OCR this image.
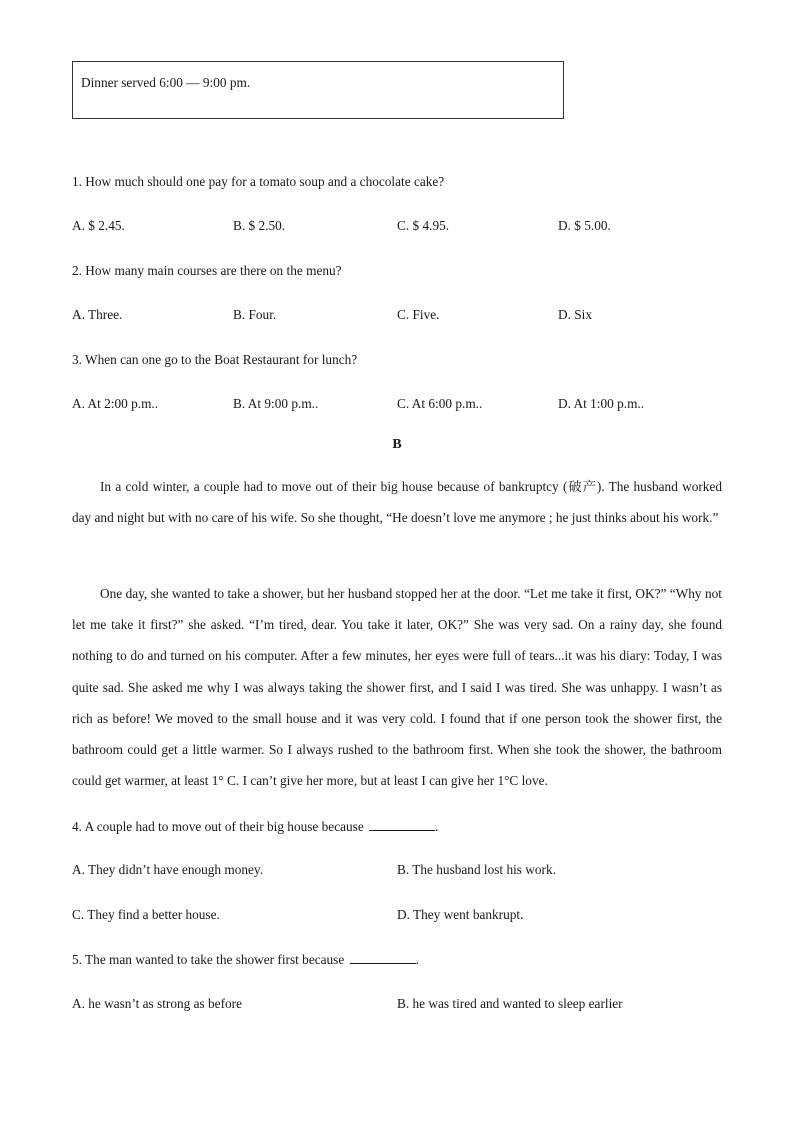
Dinner served 6:00 — 9:00 pm.
1. How much should one pay for a tomato soup and a chocolate cake?
A. $ 2.45.	B. $ 2.50.	C. $ 4.95.	D. $ 5.00.
2. How many main courses are there on the menu?
A. Three.	B. Four.	C. Five.	D. Six
3. When can one go to the Boat Restaurant for lunch?
A. At 2:00 p.m..	B. At 9:00 p.m..	C. At 6:00 p.m..	D. At 1:00 p.m..
B

In a cold winter, a couple had to move out of their big house because of bankruptcy (破产). The husband worked day and night but with no care of his wife. So she thought, “He doesn’t love me anymore ; he just thinks about his work.”

One day, she wanted to take a shower, but her husband stopped her at the door. “Let me take it first, OK?” “Why not let me take it first?” she asked. “I’m tired, dear. You take it later, OK?” She was very sad. On a rainy day, she found nothing to do and turned on his computer. After a few minutes, her eyes were full of tears...it was his diary: Today, I was quite sad. She asked me why I was always taking the shower first, and I said I was tired. She was unhappy. I wasn’t as rich as before! We moved to the small house and it was very cold. I found that if one person took the shower first, the bathroom could get a little warmer. So I always rushed to the bathroom first. When she took the shower, the bathroom could get warmer, at least 1° C. I can’t give her more, but at least I can give her 1°C love.

4. A couple had to move out of their big house because	.
A. They didn’t have enough money.	B. The husband lost his work.
C. They find a better house.	D. They went bankrupt.
5. The man wanted to take the shower first because	.
A. he wasn’t as strong as before	B. he was tired and wanted to sleep earlier
